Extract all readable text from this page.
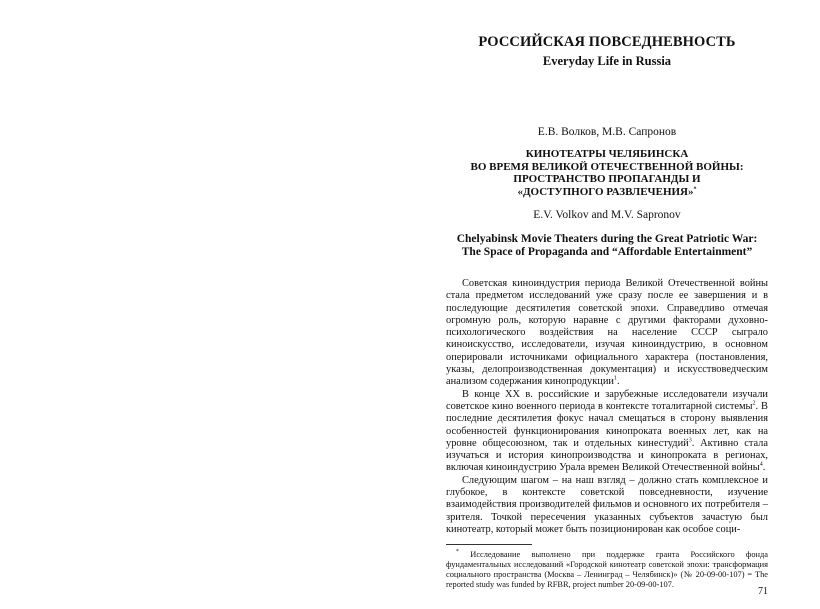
РОССИЙСКАЯ ПОВСЕДНЕВНОСТЬ
Everyday Life in Russia
Е.В. Волков, М.В. Сапронов
КИНОТЕАТРЫ ЧЕЛЯБИНСКА
ВО ВРЕМЯ ВЕЛИКОЙ ОТЕЧЕСТВЕННОЙ ВОЙНЫ:
ПРОСТРАНСТВО ПРОПАГАНДЫ И
«ДОСТУПНОГО РАЗВЛЕЧЕНИЯ»*
E.V. Volkov and M.V. Sapronov
Chelyabinsk Movie Theaters during the Great Patriotic War:
The Space of Propaganda and “Affordable Entertainment”

Советская киноиндустрия периода Великой Отечественной войны стала предметом исследований уже сразу после ее завершения и в последующие десятилетия советской эпохи. Справедливо отмечая огромную роль, которую наравне с другими факторами духовно-психологического воздействия на население СССР сыграло киноискусство, исследователи, изучая киноиндустрию, в основном оперировали источниками официального характера (постановления, указы, делопроизводственная документация) и искусствоведческим анализом содержания кинопродукции$^1$.

В конце XX в. российские и зарубежные исследователи изучали советское кино военного периода в контексте тоталитарной системы$^2$. В последние десятилетия фокус начал смещаться в сторону выявления особенностей функционирования кинопроката военных лет, как на уровне общесоюзном, так и отдельных кинестудий$^3$. Активно стала изучаться и история кинопроизводства и кинопроката в регионах, включая киноиндустрию Урала времен Великой Отечественной войны$^4$.

Следующим шагом – на наш взгляд – должно стать комплексное и глубокое, в контексте советской повседневности, изучение взаимодействия производителей фильмов и основного их потребителя – зрителя. Точкой пересечения указанных субъектов зачастую был кинотеатр, который может быть позиционирован как особое соци-

* Исследование выполнено при поддержке гранта Российского фонда фундаментальных исследований «Городской кинотеатр советской эпохи: трансформация социального пространства (Москва – Ленинград – Челябинск)» (№ 20-09-00-107) = The reported study was funded by RFBR, project number 20-09-00-107.
71
